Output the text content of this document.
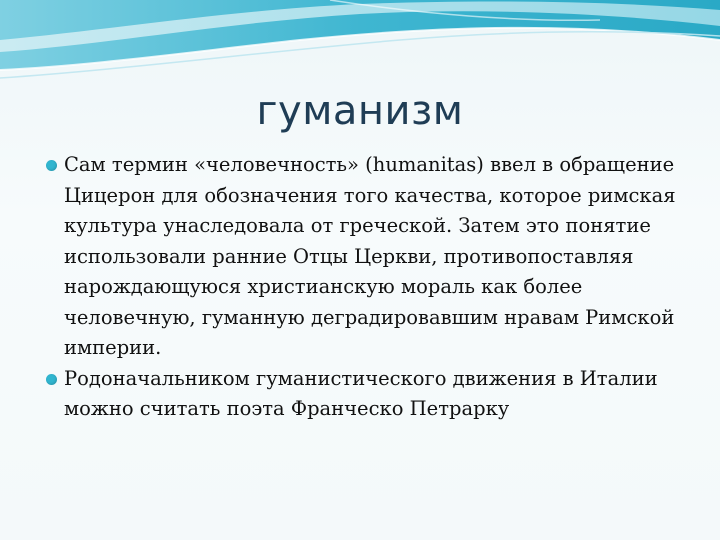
гуманизм
Сам термин «человечность» (humanitas) ввел в обращение Цицерон для обозначения того качества, которое римская культура унаследовала от греческой. Затем это понятие использовали ранние Отцы Церкви, противопоставляя нарождающуюся христианскую мораль как более человечную, гуманную деградировавшим нравам Римской империи.
Родоначальником гуманистического движения в Италии можно считать поэта Франческо Петрарку
